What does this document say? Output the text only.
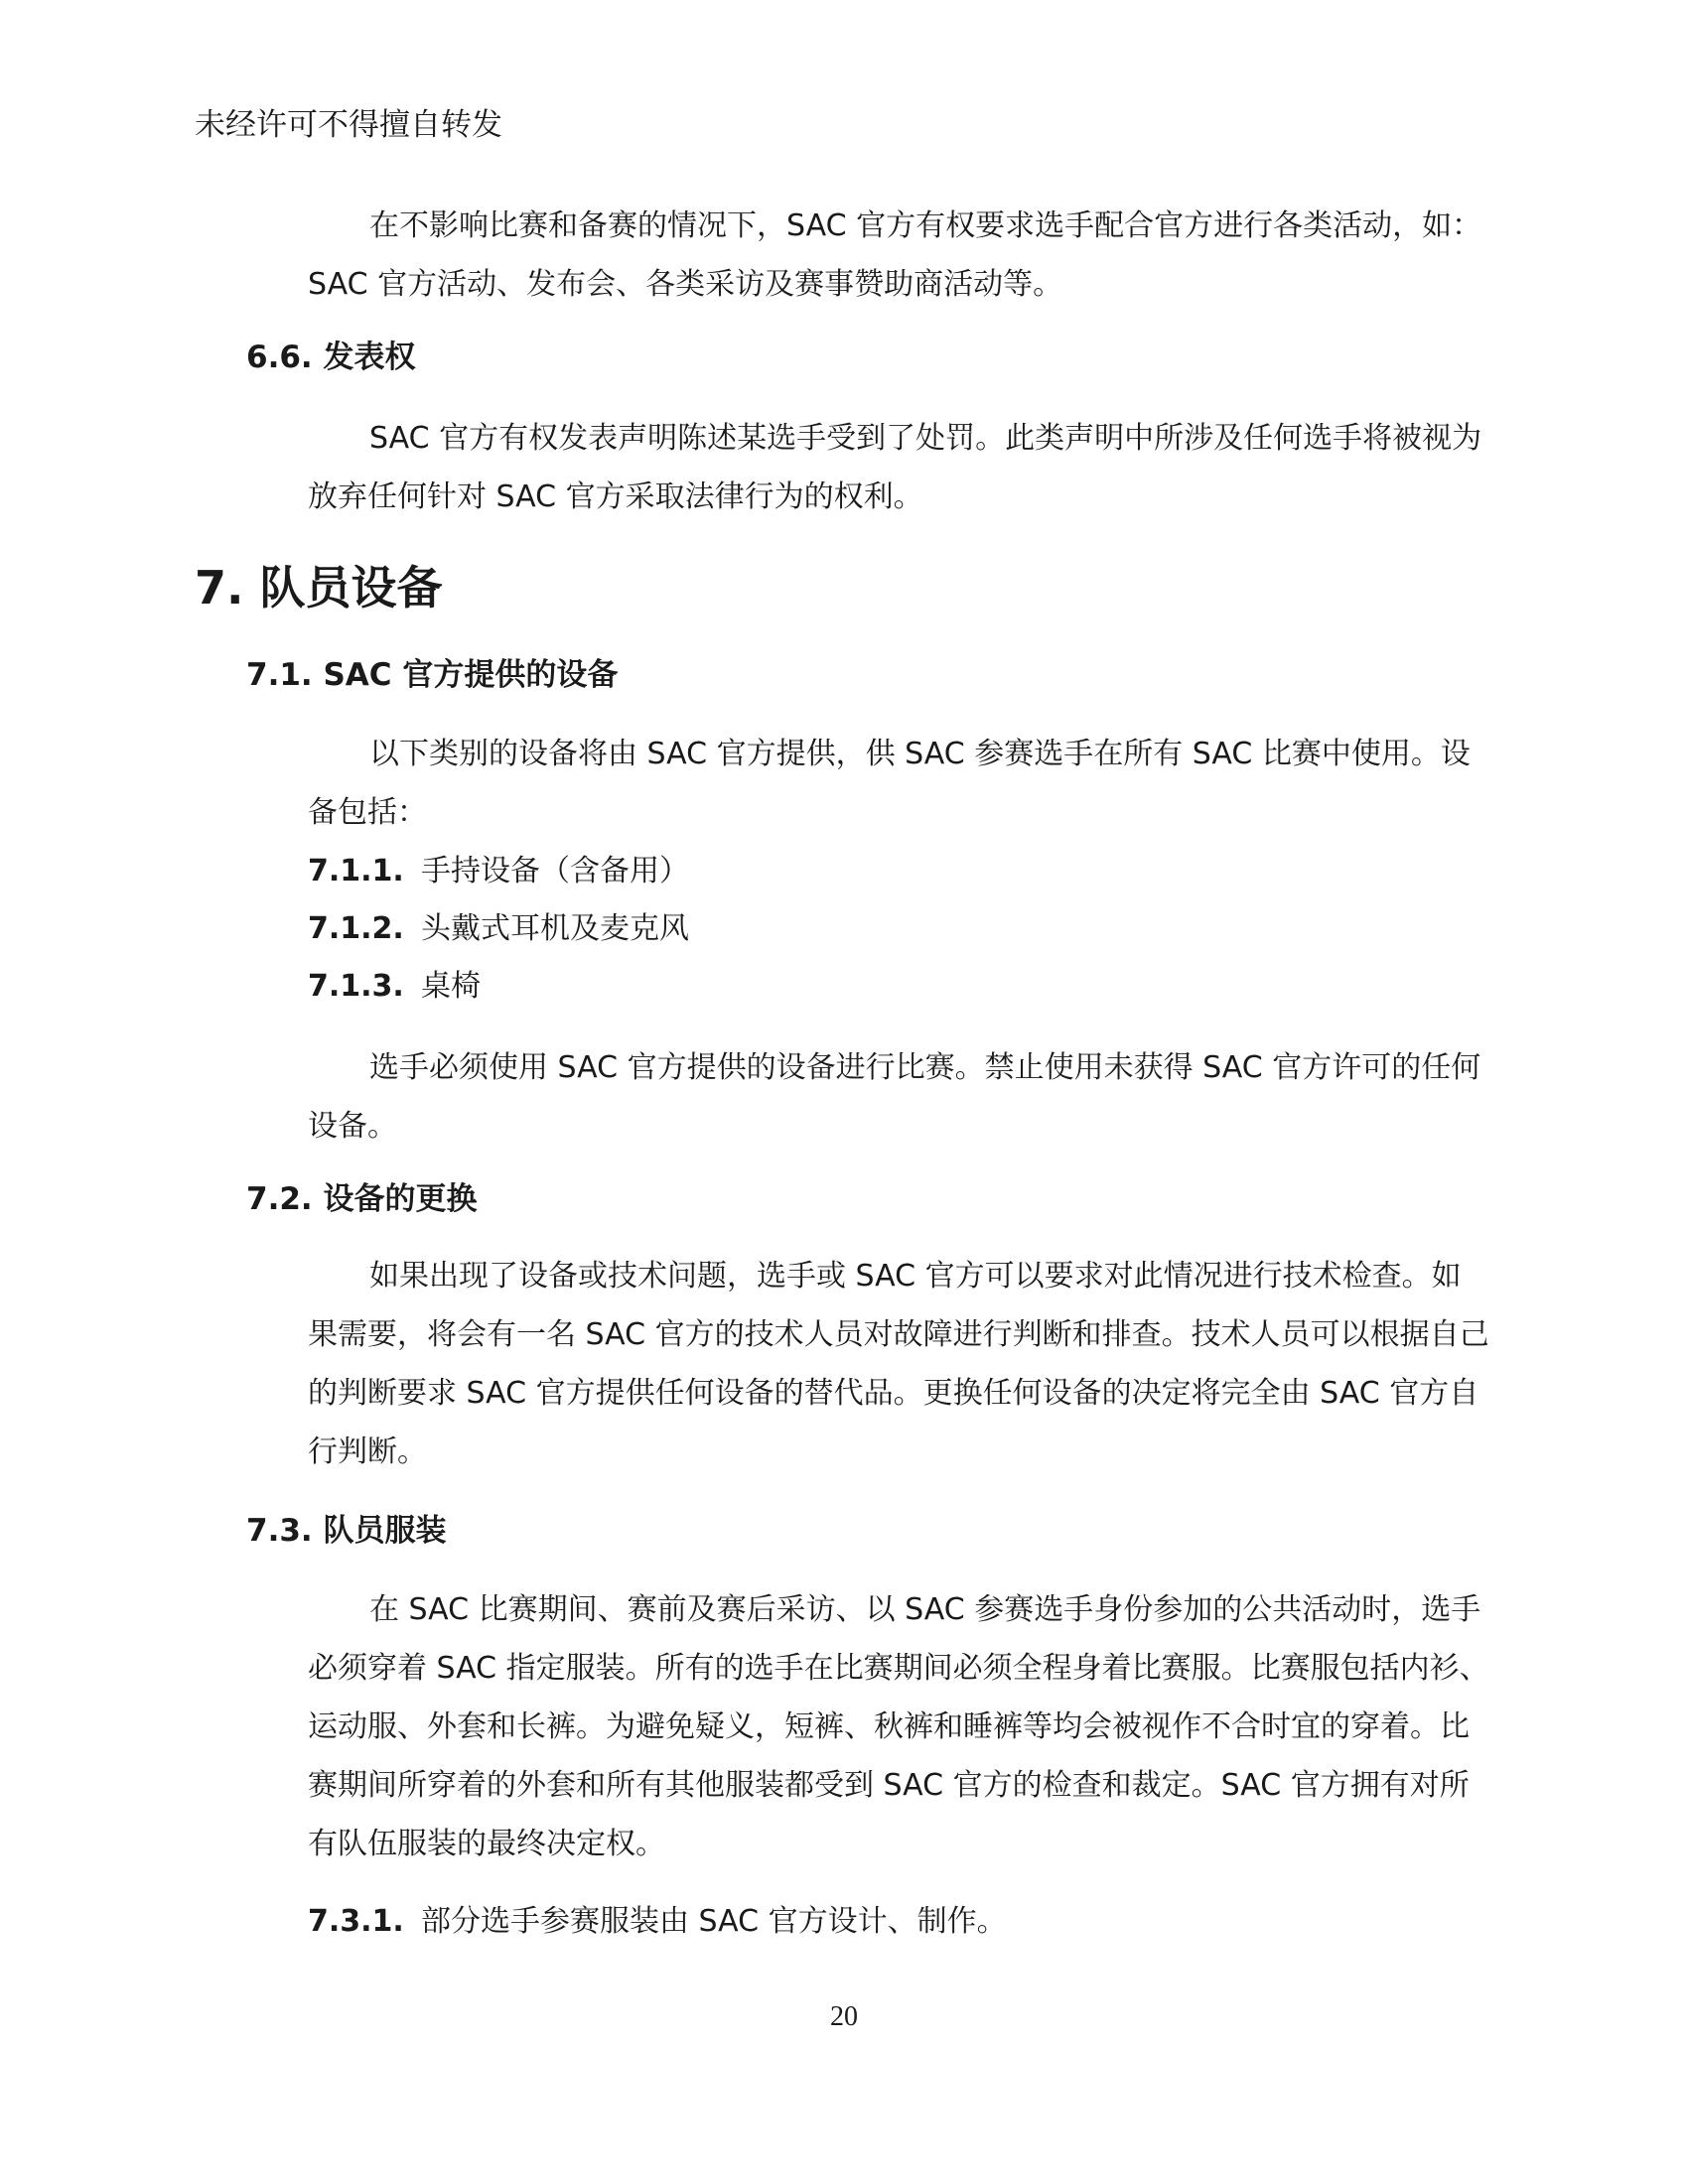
未经许可不得擅自转发

在不影响比赛和备赛的情况下，SAC 官方有权要求选手配合官方进行各类活动，如：SAC 官方活动、发布会、各类采访及赛事赞助商活动等。

6.6. 发表权

SAC 官方有权发表声明陈述某选手受到了处罚。此类声明中所涉及任何选手将被视为放弃任何针对 SAC 官方采取法律行为的权利。

7. 队员设备
7.1. SAC 官方提供的设备

以下类别的设备将由 SAC 官方提供，供 SAC 参赛选手在所有 SAC 比赛中使用。设备包括：

7.1.1. 手持设备（含备用）
7.1.2. 头戴式耳机及麦克风
7.1.3. 桌椅

选手必须使用 SAC 官方提供的设备进行比赛。禁止使用未获得 SAC 官方许可的任何设备。

7.2. 设备的更换

如果出现了设备或技术问题，选手或 SAC 官方可以要求对此情况进行技术检查。如果需要，将会有一名 SAC 官方的技术人员对故障进行判断和排查。技术人员可以根据自己的判断要求 SAC 官方提供任何设备的替代品。更换任何设备的决定将完全由 SAC 官方自行判断。

7.3. 队员服装

在 SAC 比赛期间、赛前及赛后采访、以 SAC 参赛选手身份参加的公共活动时，选手必须穿着 SAC 指定服装。所有的选手在比赛期间必须全程身着比赛服。比赛服包括内衫、运动服、外套和长裤。为避免疑义，短裤、秋裤和睡裤等均会被视作不合时宜的穿着。比赛期间所穿着的外套和所有其他服装都受到 SAC 官方的检查和裁定。SAC 官方拥有对所有队伍服装的最终决定权。

7.3.1. 部分选手参赛服装由 SAC 官方设计、制作。
20
